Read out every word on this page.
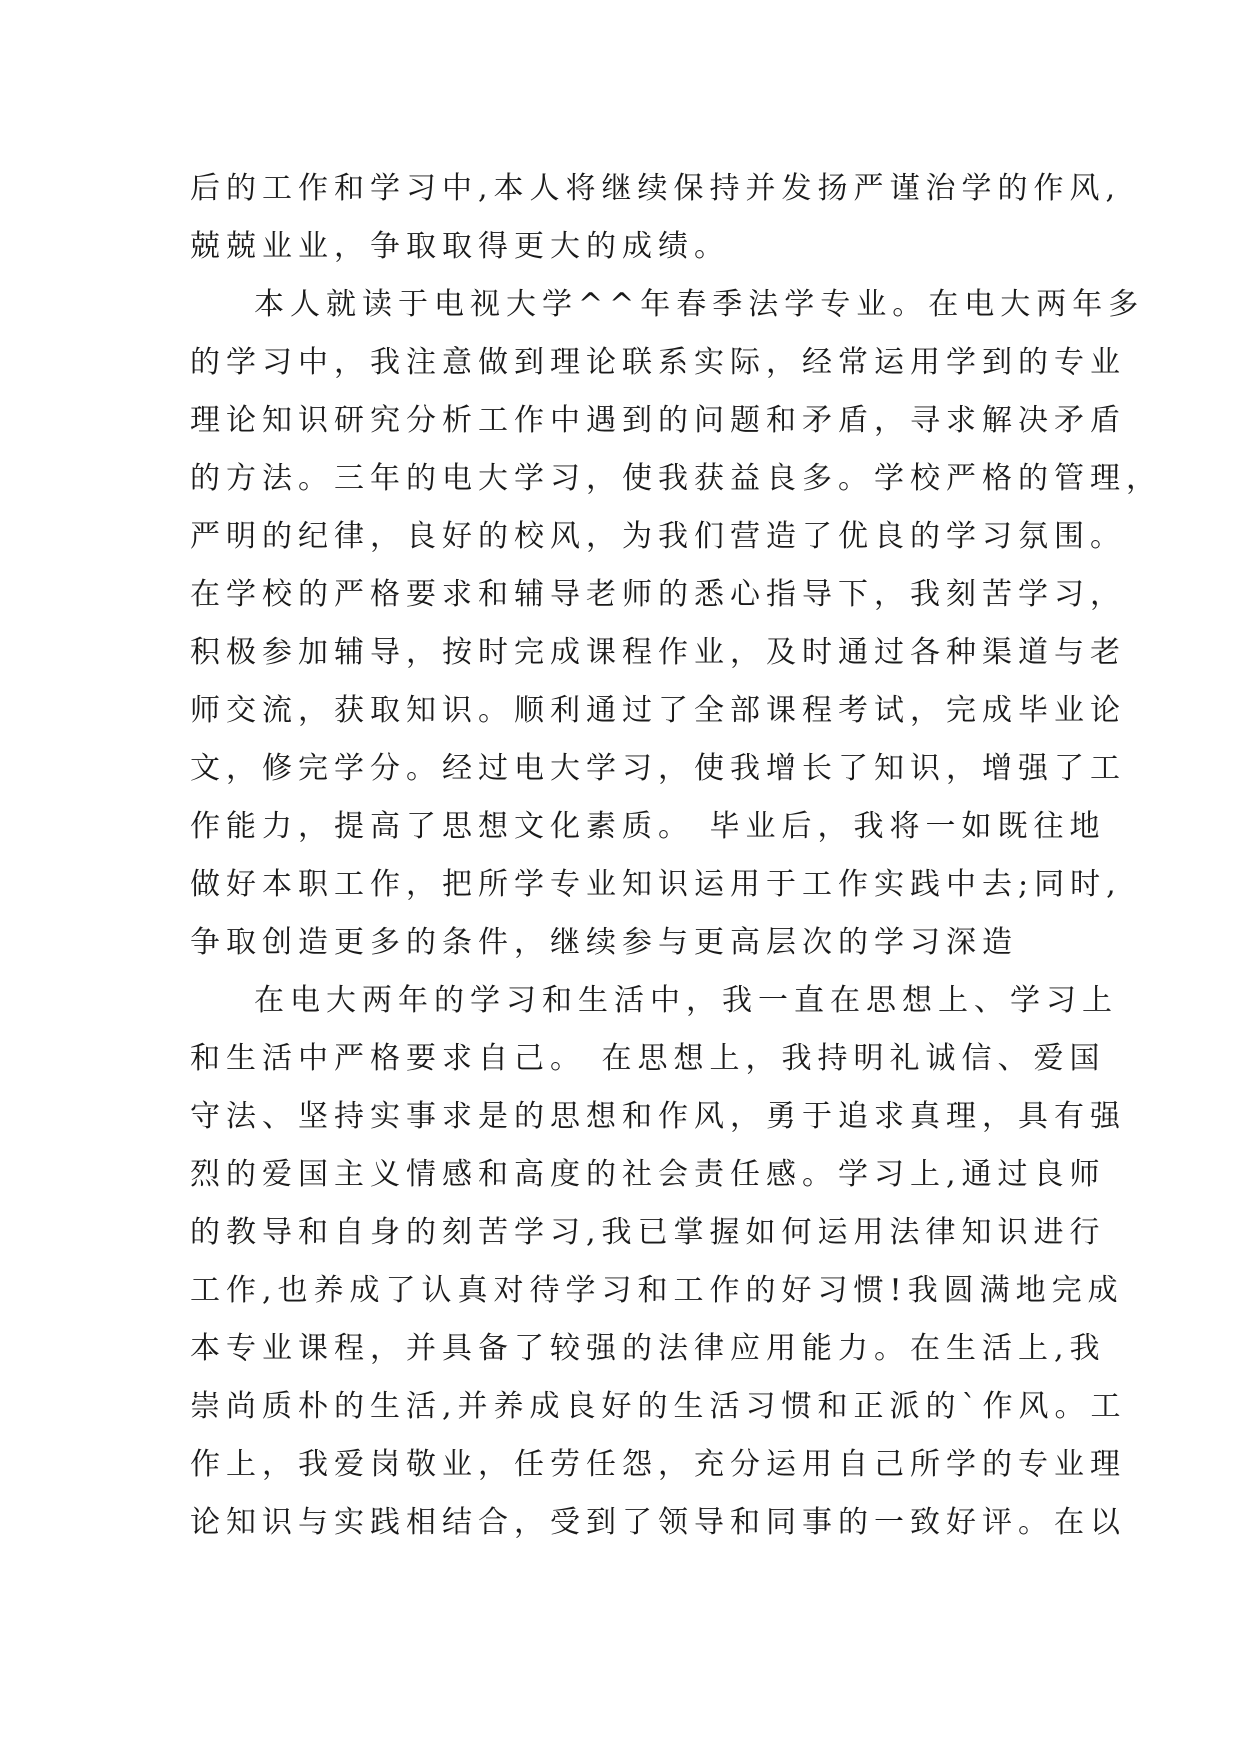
后的工作和学习中,本人将继续保持并发扬严谨治学的作风,
兢兢业业，争取取得更大的成绩。
本人就读于电视大学^^年春季法学专业。在电大两年多
的学习中，我注意做到理论联系实际，经常运用学到的专业
理论知识研究分析工作中遇到的问题和矛盾，寻求解决矛盾
的方法。三年的电大学习，使我获益良多。学校严格的管理，
严明的纪律，良好的校风，为我们营造了优良的学习氛围。
在学校的严格要求和辅导老师的悉心指导下，我刻苦学习，
积极参加辅导，按时完成课程作业，及时通过各种渠道与老
师交流，获取知识。顺利通过了全部课程考试，完成毕业论
文，修完学分。经过电大学习，使我增长了知识，增强了工
作能力，提高了思想文化素质。 毕业后，我将一如既往地
做好本职工作，把所学专业知识运用于工作实践中去;同时,
争取创造更多的条件，继续参与更高层次的学习深造
在电大两年的学习和生活中，我一直在思想上、学习上
和生活中严格要求自己。 在思想上，我持明礼诚信、爱国
守法、坚持实事求是的思想和作风，勇于追求真理，具有强
烈的爱国主义情感和高度的社会责任感。学习上,通过良师
的教导和自身的刻苦学习,我已掌握如何运用法律知识进行
工作,也养成了认真对待学习和工作的好习惯!我圆满地完成
本专业课程，并具备了较强的法律应用能力。在生活上,我
崇尚质朴的生活,并养成良好的生活习惯和正派的`作风。工
作上，我爱岗敬业，任劳任怨，充分运用自己所学的专业理
论知识与实践相结合，受到了领导和同事的一致好评。在以
